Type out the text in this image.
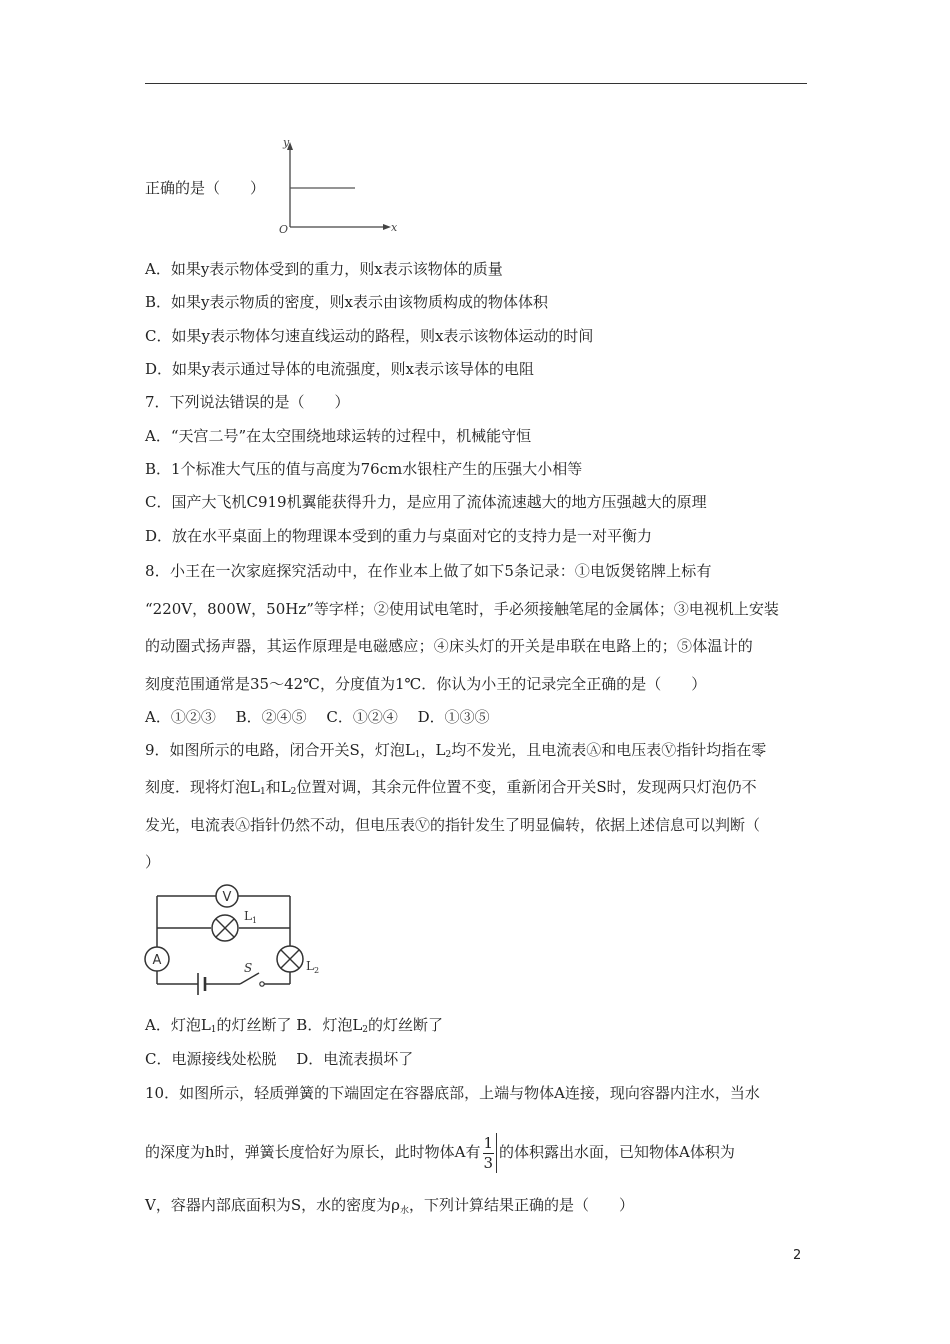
正确的是（　　）
y
x
O
A．如果y表示物体受到的重力，则x表示该物体的质量
B．如果y表示物质的密度，则x表示由该物质构成的物体体积
C．如果y表示物体匀速直线运动的路程，则x表示该物体运动的时间
D．如果y表示通过导体的电流强度，则x表示该导体的电阻
7．下列说法错误的是（　　）
A．“天宫二号”在太空围绕地球运转的过程中，机械能守恒
B．1个标准大气压的值与高度为76cm水银柱产生的压强大小相等
C．国产大飞机C919机翼能获得升力，是应用了流体流速越大的地方压强越大的原理
D．放在水平桌面上的物理课本受到的重力与桌面对它的支持力是一对平衡力
8．小王在一次家庭探究活动中，在作业本上做了如下5条记录：①电饭煲铭牌上标有
“220V，800W，50Hz”等字样；②使用试电笔时，手必须接触笔尾的金属体；③电视机上安装
的动圈式扬声器，其运作原理是电磁感应；④床头灯的开关是串联在电路上的；⑤体温计的
刻度范围通常是35～42℃，分度值为1℃．你认为小王的记录完全正确的是（　　）
A．①②③　 B．②④⑤　 C．①②④　 D．①③⑤
9．如图所示的电路，闭合开关S，灯泡L1，L2均不发光，且电流表Ⓐ和电压表Ⓥ指针均指在零
刻度．现将灯泡L1和L2位置对调，其余元件位置不变，重新闭合开关S时，发现两只灯泡仍不
发光，电流表Ⓐ指针仍然不动，但电压表Ⓥ的指针发生了明显偏转，依据上述信息可以判断（
）
V
$L_1$
A	$L_2$
S
A．灯泡L1的灯丝断了 B．灯泡L2的灯丝断了
C．电源接线处松脱　 D．电流表损坏了
10．如图所示，轻质弹簧的下端固定在容器底部，上端与物体A连接，现向容器内注水，当水
的深度为h时，弹簧长度恰好为原长，此时物体A有 $\frac{1}{3}$ 的体积露出水面，已知物体A体积为
V，容器内部底面积为S，水的密度为$\rho_水$，下列计算结果正确的是（　　）
2
